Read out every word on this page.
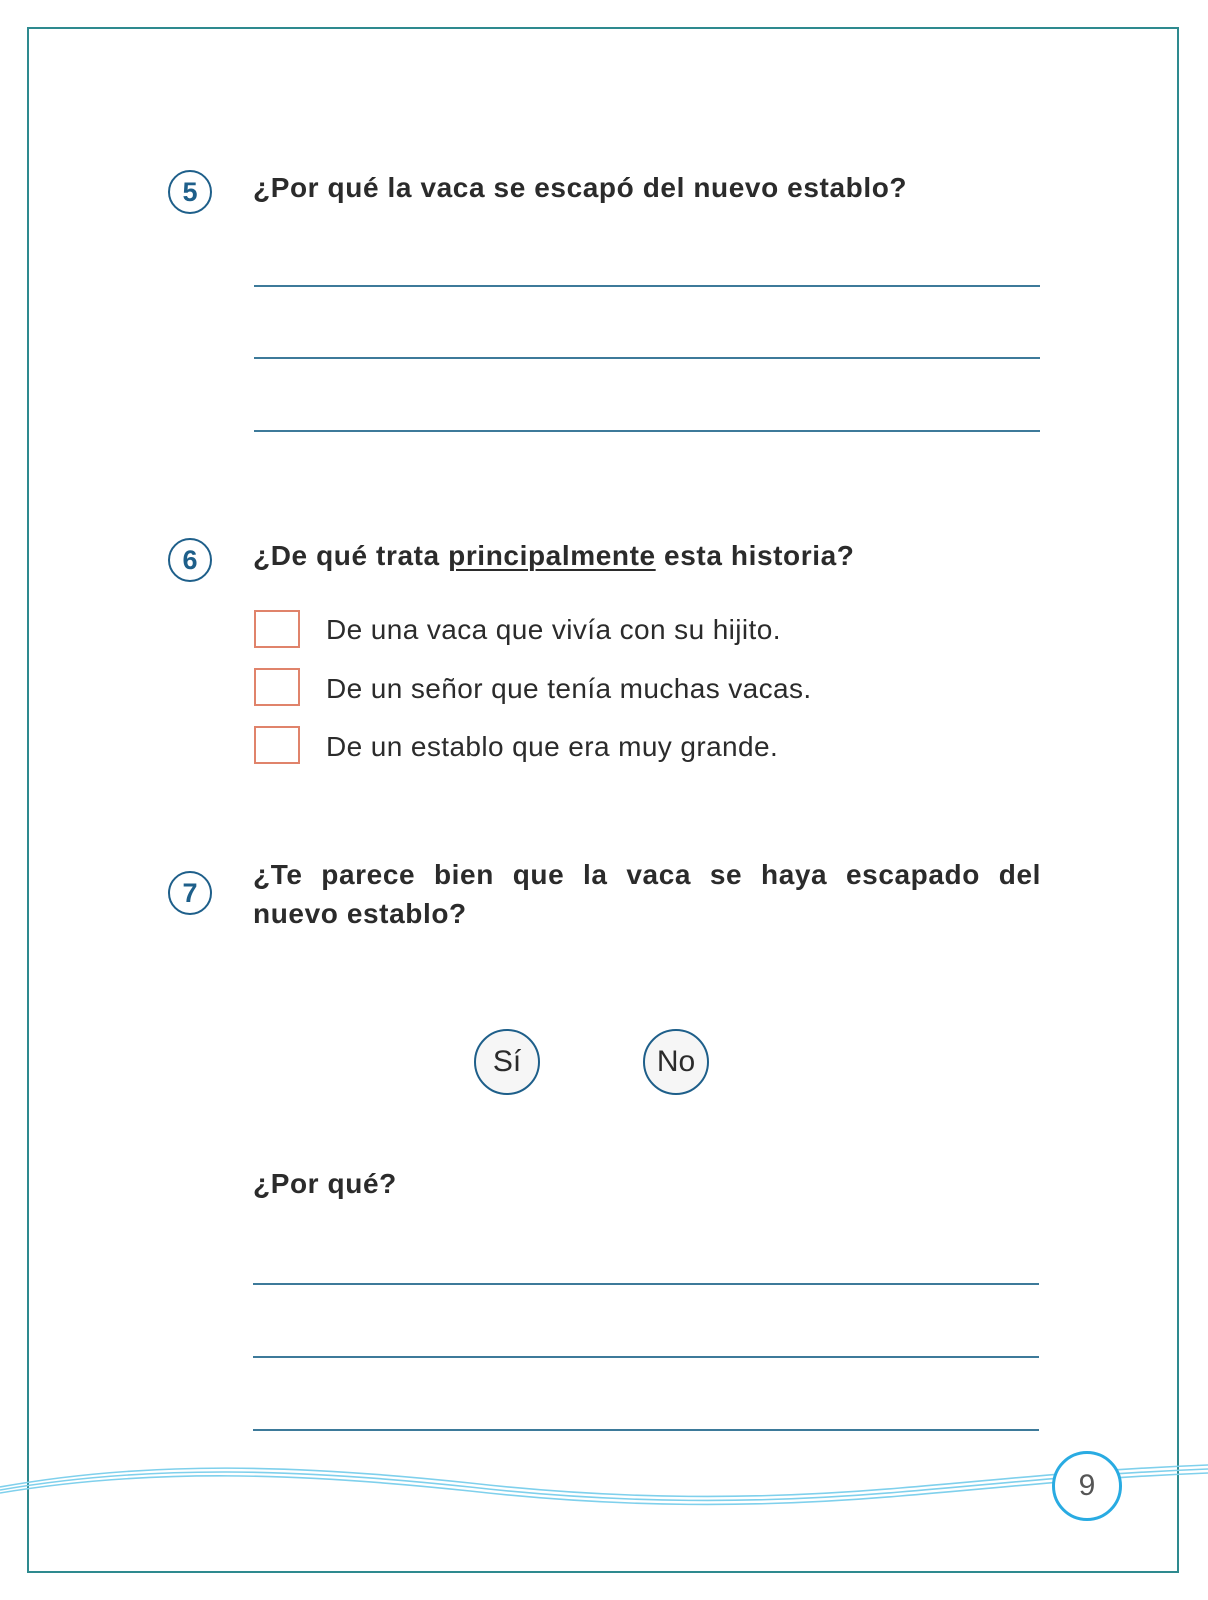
5	¿Por qué la vaca se escapó del nuevo establo?
6	¿De qué trata principalmente esta historia?
De una vaca que vivía con su hijito.
De un señor que tenía muchas vacas.
De un establo que era muy grande.
7
¿Te parece bien que la vaca se haya escapado del nuevo establo?
Sí	No
¿Por qué?
9
